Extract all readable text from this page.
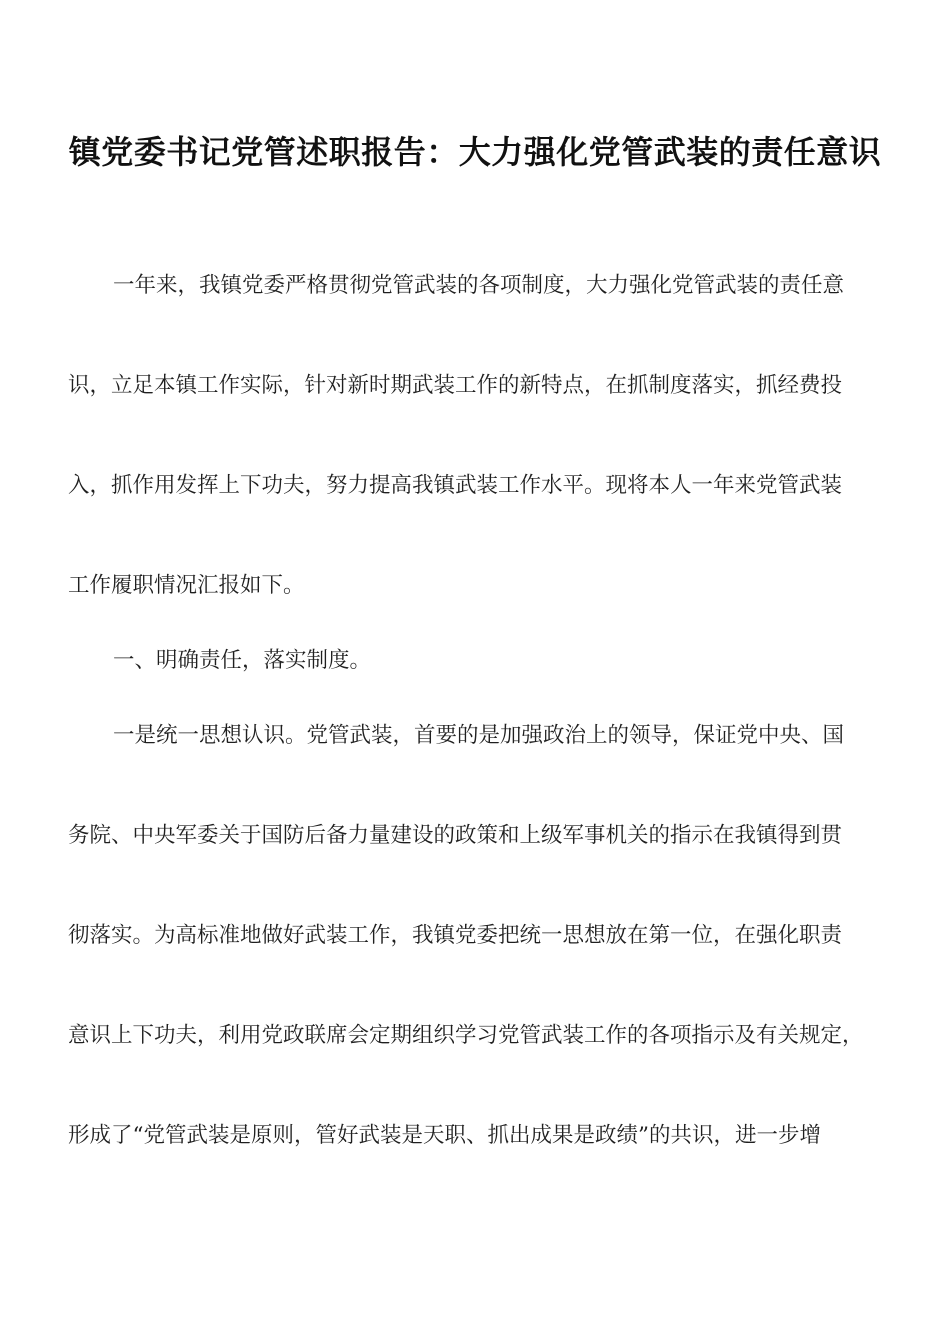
镇党委书记党管述职报告：大力强化党管武装的责任意识
一年来，我镇党委严格贯彻党管武装的各项制度，大力强化党管武装的责任意
识，立足本镇工作实际，针对新时期武装工作的新特点，在抓制度落实，抓经费投
入，抓作用发挥上下功夫，努力提高我镇武装工作水平。现将本人一年来党管武装
工作履职情况汇报如下。
一、明确责任，落实制度。
一是统一思想认识。党管武装，首要的是加强政治上的领导，保证党中央、国
务院、中央军委关于国防后备力量建设的政策和上级军事机关的指示在我镇得到贯
彻落实。为高标准地做好武装工作，我镇党委把统一思想放在第一位，在强化职责
意识上下功夫，利用党政联席会定期组织学习党管武装工作的各项指示及有关规定，
形成了“党管武装是原则，管好武装是天职、抓出成果是政绩”的共识，进一步增
